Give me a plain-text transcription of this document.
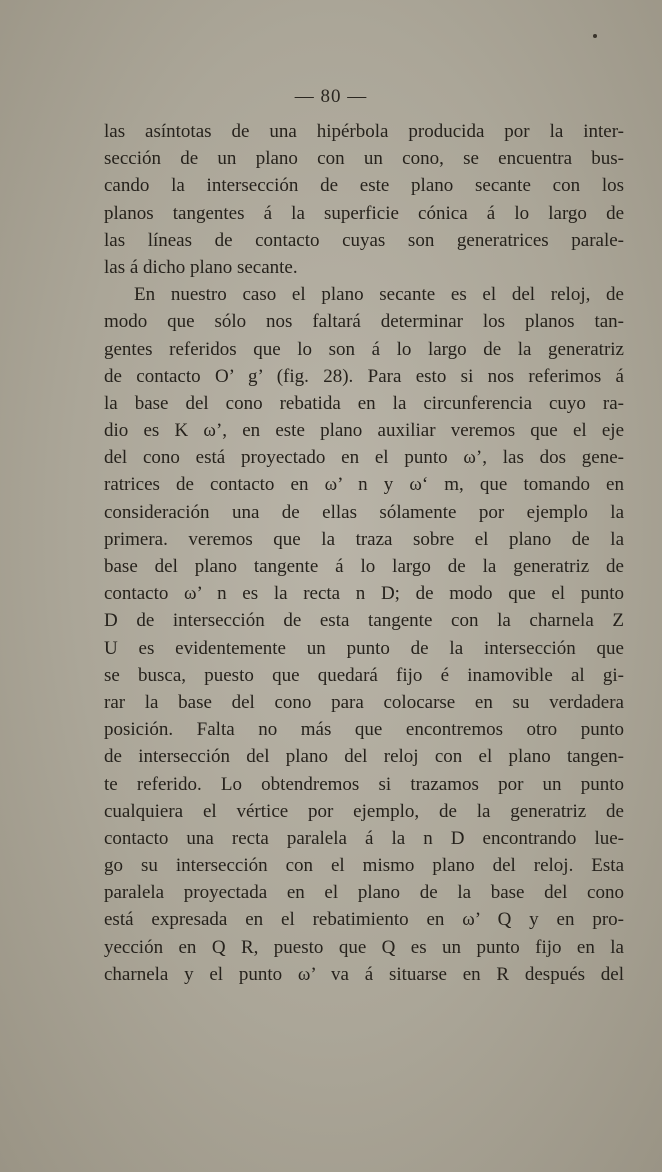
— 80 —
las asíntotas de una hipérbola producida por la inter-
sección de un plano con un cono, se encuentra bus-
cando la intersección de este plano secante con los
planos tangentes á la superficie cónica á lo largo de
las líneas de contacto cuyas son generatrices parale-
las á dicho plano secante.
En nuestro caso el plano secante es el del reloj, de
modo que sólo nos faltará determinar los planos tan-
gentes referidos que lo son á lo largo de la generatriz
de contacto O’ g’ (fig. 28). Para esto si nos referimos á
la base del cono rebatida en la circunferencia cuyo ra-
dio es K ω’, en este plano auxiliar veremos que el eje
del cono está proyectado en el punto ω’, las dos gene-
ratrices de contacto en ω’ n y ω‘ m, que tomando en
consideración una de ellas sólamente por ejemplo la
primera. veremos que la traza sobre el plano de la
base del plano tangente á lo largo de la generatriz de
contacto ω’ n es la recta n D; de modo que el punto
D de intersección de esta tangente con la charnela Z
U es evidentemente un punto de la intersección que
se busca, puesto que quedará fijo é inamovible al gi-
rar la base del cono para colocarse en su verdadera
posición. Falta no más que encontremos otro punto
de intersección del plano del reloj con el plano tangen-
te referido. Lo obtendremos si trazamos por un punto
cualquiera el vértice por ejemplo, de la generatriz de
contacto una recta paralela á la n D encontrando lue-
go su intersección con el mismo plano del reloj. Esta
paralela proyectada en el plano de la base del cono
está expresada en el rebatimiento en ω’ Q y en pro-
yección en Q R, puesto que Q es un punto fijo en la
charnela y el punto ω’ va á situarse en R después del
